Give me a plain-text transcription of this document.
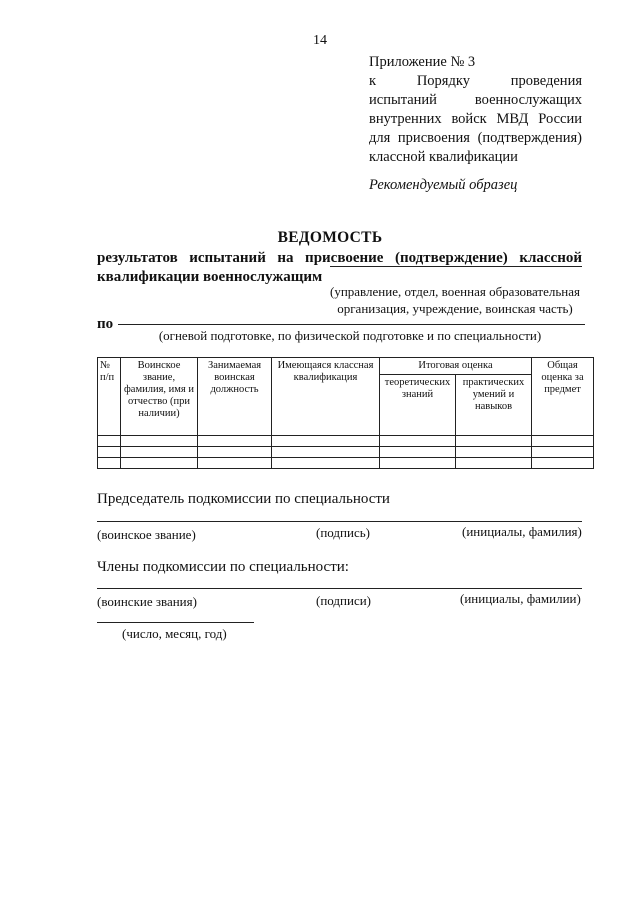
14
Приложение № 3
к Порядку проведения
испытаний военнослужащих
внутренних войск МВД России
для присвоения (подтверждения)
классной квалификации
Рекомендуемый образец
ВЕДОМОСТЬ
результатов испытаний на присвоение (подтверждение) классной
квалификации военнослужащим
(управление, отдел, военная образовательная
организация, учреждение, воинская часть)
по
(огневой подготовке, по физической подготовке и по специальности)
№ п/п	Воинское звание, фамилия, имя и отчество (при наличии)	Занимаемая воинская должность	Имеющаяся классная квалификация	Итоговая оценка		Общая оценка за предмет
				теоретических знаний	практических умений и навыков	

Председатель подкомиссии по специальности
(воинское звание)	(подпись)	(инициалы, фамилия)
Члены подкомиссии по специальности:
(воинские звания)	(подписи)	(инициалы, фамилии)
(число, месяц, год)
